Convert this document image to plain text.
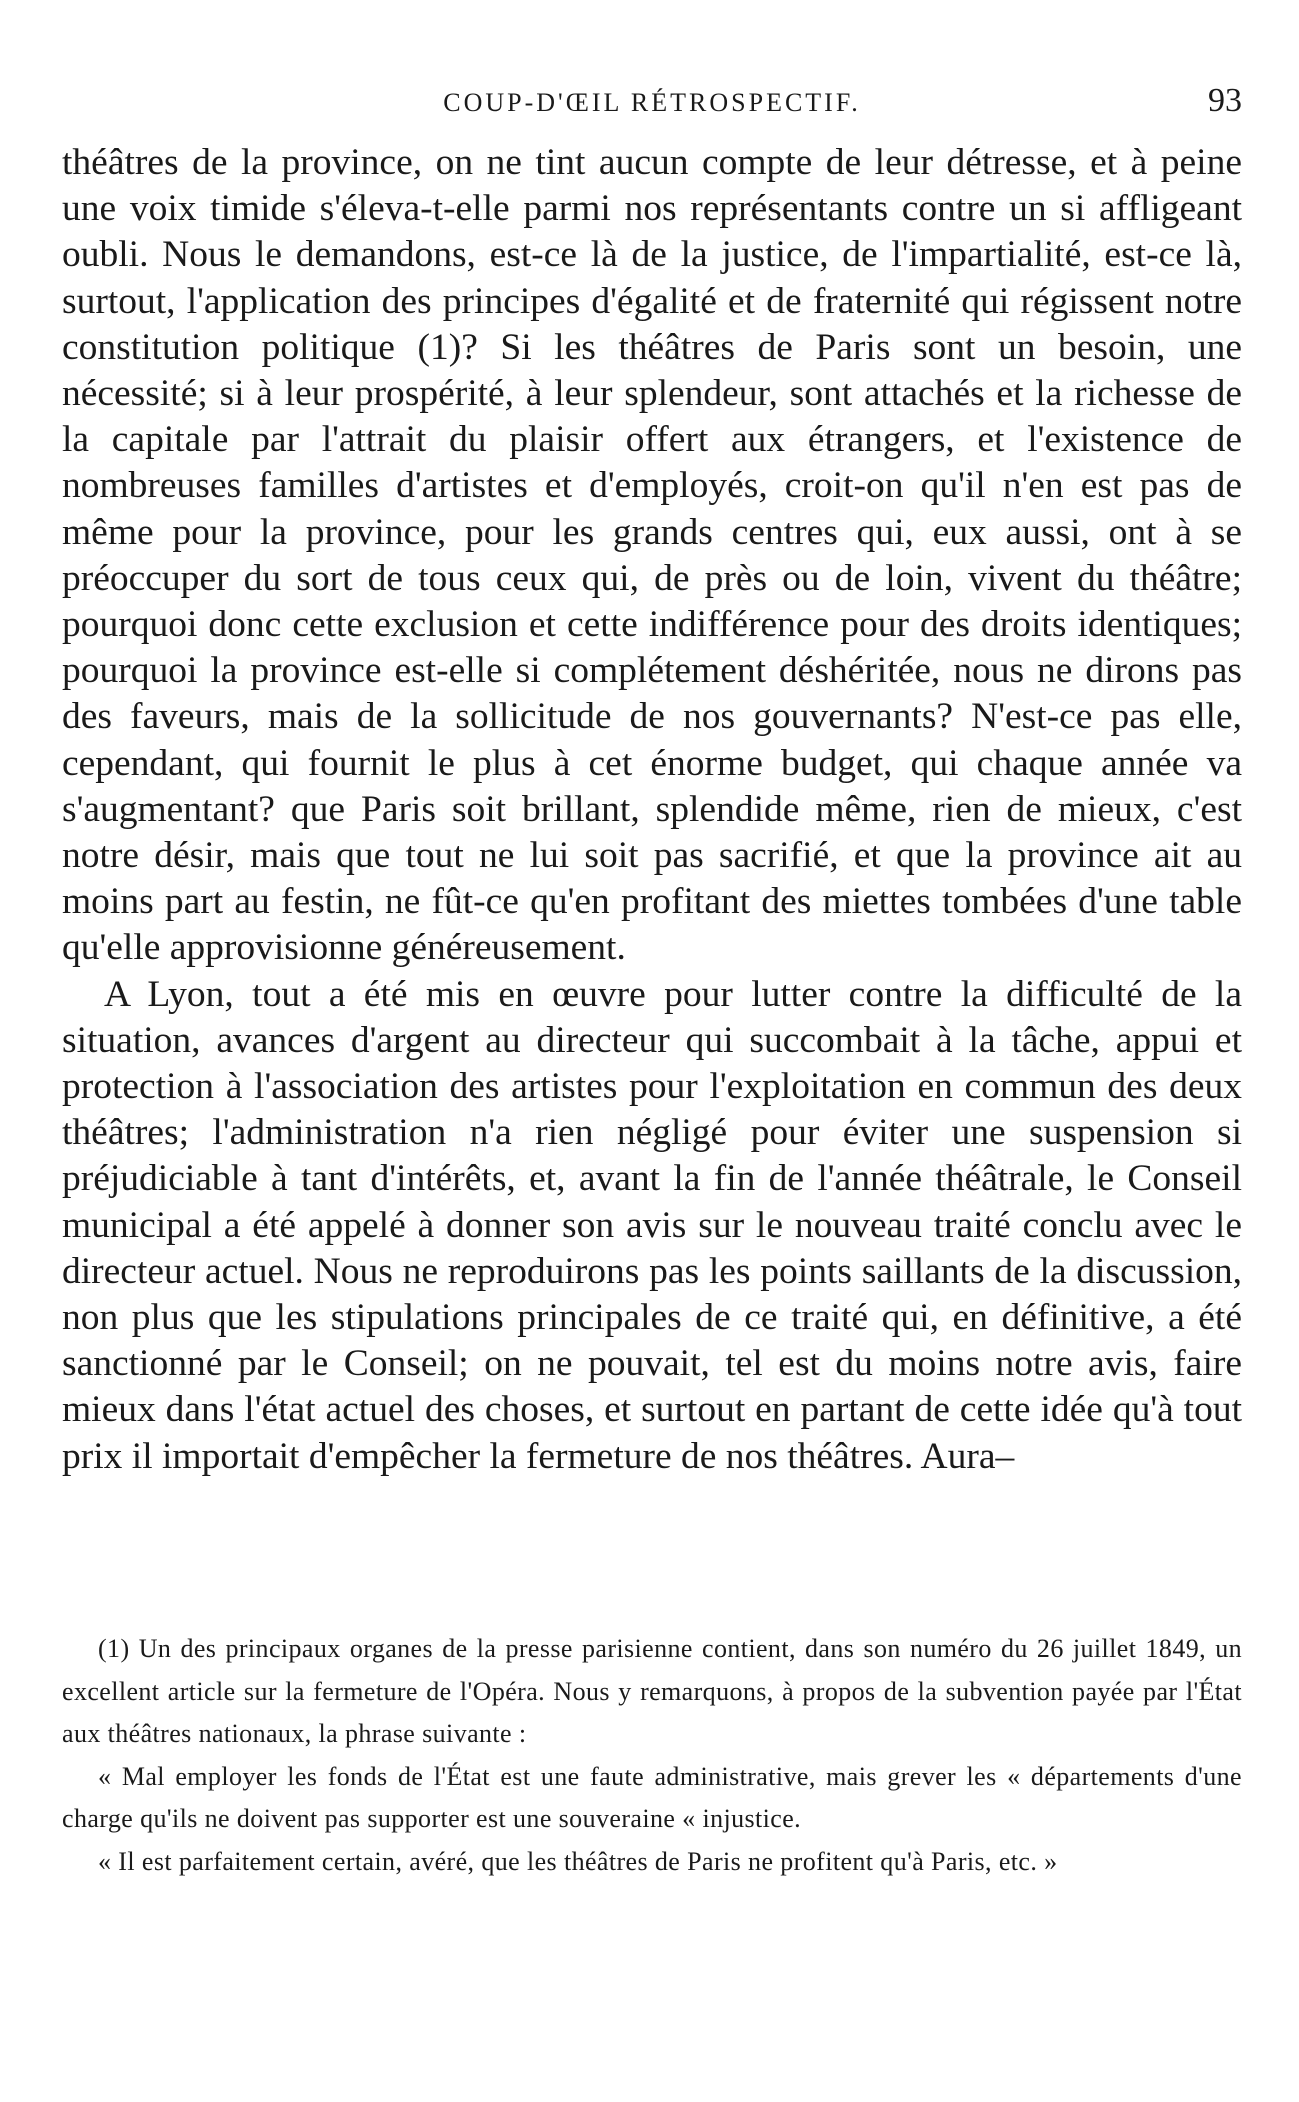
COUP-D'ŒIL RÉTROSPECTIF.	93

théâtres de la province, on ne tint aucun compte de leur détresse, et à peine une voix timide s'éleva-t-elle parmi nos représentants contre un si affligeant oubli. Nous le demandons, est-ce là de la justice, de l'impartialité, est-ce là, surtout, l'application des principes d'égalité et de fraternité qui régissent notre constitution politique (1)? Si les théâtres de Paris sont un besoin, une nécessité; si à leur prospérité, à leur splendeur, sont attachés et la richesse de la capitale par l'attrait du plaisir offert aux étrangers, et l'existence de nombreuses familles d'artistes et d'employés, croit-on qu'il n'en est pas de même pour la province, pour les grands centres qui, eux aussi, ont à se préoccuper du sort de tous ceux qui, de près ou de loin, vivent du théâtre; pourquoi donc cette exclusion et cette indifférence pour des droits identiques; pourquoi la province est-elle si complétement déshéritée, nous ne dirons pas des faveurs, mais de la sollicitude de nos gouvernants? N'est-ce pas elle, cependant, qui fournit le plus à cet énorme budget, qui chaque année va s'augmentant? que Paris soit brillant, splendide même, rien de mieux, c'est notre désir, mais que tout ne lui soit pas sacrifié, et que la province ait au moins part au festin, ne fût-ce qu'en profitant des miettes tombées d'une table qu'elle approvisionne généreusement.

A Lyon, tout a été mis en œuvre pour lutter contre la difficulté de la situation, avances d'argent au directeur qui succombait à la tâche, appui et protection à l'association des artistes pour l'exploitation en commun des deux théâtres; l'administration n'a rien négligé pour éviter une suspension si préjudiciable à tant d'intérêts, et, avant la fin de l'année théâtrale, le Conseil municipal a été appelé à donner son avis sur le nouveau traité conclu avec le directeur actuel. Nous ne reproduirons pas les points saillants de la discussion, non plus que les stipulations principales de ce traité qui, en définitive, a été sanctionné par le Conseil; on ne pouvait, tel est du moins notre avis, faire mieux dans l'état actuel des choses, et surtout en partant de cette idée qu'à tout prix il importait d'empêcher la fermeture de nos théâtres. Aura–

(1) Un des principaux organes de la presse parisienne contient, dans son numéro du 26 juillet 1849, un excellent article sur la fermeture de l'Opéra. Nous y remarquons, à propos de la subvention payée par l'État aux théâtres nationaux, la phrase suivante :

« Mal employer les fonds de l'État est une faute administrative, mais grever les « départements d'une charge qu'ils ne doivent pas supporter est une souveraine « injustice.

« Il est parfaitement certain, avéré, que les théâtres de Paris ne profitent qu'à Paris, etc. »
